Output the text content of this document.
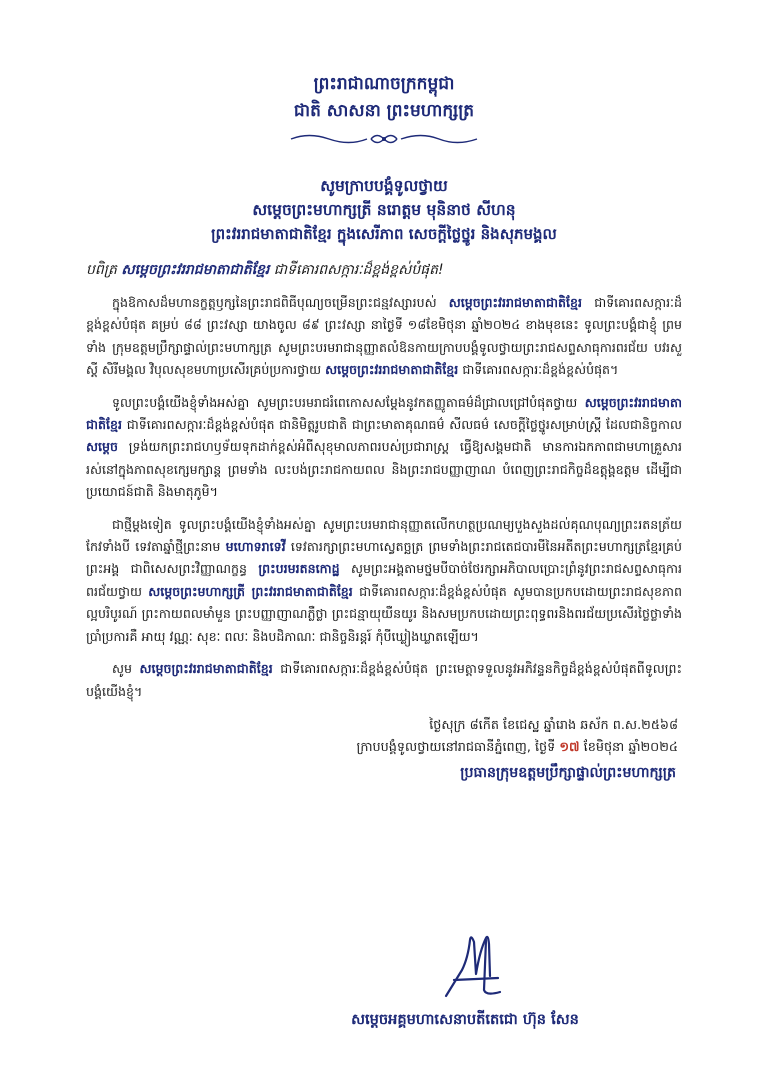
ព្រះរាជាណាចក្រកម្ពុជា
ជាតិ សាសនា ព្រះមហាក្សត្រ
សូមក្រាបបង្គំទូលថ្វាយ
សម្តេចព្រះមហាក្សត្រី នរោត្តម មុនិនាថ សីហនុ
ព្រះវររាជមាតាជាតិខ្មែរ ក្នុងសេរីភាព សេចក្តីថ្លៃថ្នូរ និងសុភមង្គល
បពិត្រ សម្តេចព្រះវររាជមាតាជាតិខ្មែរ ជាទីគោរពសក្ការៈដ៏ខ្ពង់ខ្ពស់បំផុត!

ក្នុងឱកាសដ៏មហានក្ខត្តឫក្សនៃព្រះរាជពិធីបុណ្យចម្រើនព្រះជន្មវស្សារបស់ សម្តេចព្រះវររាជមាតាជាតិខ្មែរ ជាទីគោរពសក្ការៈដ៏ខ្ពង់ខ្ពស់បំផុត គម្រប់ ៨៨ ព្រះវស្សា យាងចូល ៨៩ ព្រះវស្សា នាថ្ងៃទី ១៨ខែមិថុនា ឆ្នាំ២០២៤ ខាងមុខនេះ ទូលព្រះបង្គំជាខ្ញុំ ព្រមទាំង ក្រុមឧត្តមប្រឹក្សាផ្ទាល់ព្រះមហាក្សត្រ សូមព្រះបរមរាជានុញ្ញាតលំឱនកាយក្រាបបង្គំទូលថ្វាយព្រះរាជសព្ទសាធុការពរជ័យ បវរសួស្តី សិរីមង្គល វិបុលសុខមហាប្រសើរគ្រប់ប្រការថ្វាយ សម្តេចព្រះវររាជមាតាជាតិខ្មែរ ជាទីគោរពសក្ការៈដ៏ខ្ពង់ខ្ពស់បំផុត។

ទូលព្រះបង្គំយើងខ្ញុំទាំងអស់គ្នា សូមព្រះបរមរាជរំពេកោសសម្តែងនូវកតញ្ញូតាធម៌ដ៏ជ្រាលជ្រៅបំផុតថ្វាយ សម្តេចព្រះវររាជមាតាជាតិខ្មែរ ជាទីគោរពសក្ការៈដ៏ខ្ពង់ខ្ពស់បំផុត ជានិមិត្តរូបជាតិ ជាព្រះមាតាគុណធម៌ សីលធម៌ សេចក្តីថ្លៃថ្នូរសម្រាប់ស្ត្រី ដែលជានិច្ចកាល សម្តេច ទ្រង់យកព្រះរាជហឫទ័យទុកដាក់ខ្ពស់អំពីសុខុមាលភាពរបស់ប្រជារាស្ត្រ ធ្វើឱ្យសង្គមជាតិ មានការឯកភាពជាមហាគ្រួសារ រស់នៅក្នុងភាពសុខក្សេមក្សាន្ត ព្រមទាំង លះបង់ព្រះរាជកាយពល និងព្រះរាជបញ្ញាញាណ បំពេញព្រះរាជកិច្ចដ៏ឧត្តុង្គឧត្តម ដើម្បីជាប្រយោជន៍ជាតិ និងមាតុភូមិ។

ជាថ្មីម្តងទៀត ទូលព្រះបង្គំយើងខ្ញុំទាំងអស់គ្នា សូមព្រះបរមរាជានុញ្ញាតលើកហត្ថប្រណម្យបួងសួងដល់គុណបុណ្យព្រះរតនត្រ័យ កែវទាំងបី ទេវតាឆ្នាំថ្មីព្រះនាម មហោទរាទេវី ទេវតារក្សាព្រះមហាស្វេតច្ឆត្រ ព្រមទាំងព្រះរាជតេជបារមីនៃអតីតព្រះមហាក្សត្រខ្មែរគ្រប់ព្រះអង្គ ជាពិសេសព្រះវិញ្ញាណក្ខន្ធ ព្រះបរមរតនកោដ្ឋ សូមព្រះអង្គតាមថ្នមបីបាច់ថែរក្សាអភិបាលប្រោះព្រំនូវព្រះរាជសព្ទសាធុការពរជ័យថ្វាយ សម្តេចព្រះមហាក្សត្រី ព្រះវររាជមាតាជាតិខ្មែរ ជាទីគោរពសក្ការៈដ៏ខ្ពង់ខ្ពស់បំផុត សូមបានប្រកបដោយព្រះរាជសុខភាពល្អបរិបូរណ៍ ព្រះកាយពលមាំមួន ព្រះបញ្ញាញាណភ្លឺថ្លា ព្រះជន្មាយុយឺនយូរ និងសមប្រកបដោយព្រះពុទ្ធពរនិងពរជ័យប្រសើរថ្លៃថ្លាទាំងប្រាំប្រការគឺ អាយុ វណ្ណៈ សុខៈ ពលៈ និងបដិភាណៈ ជានិច្ចនិរន្តរ៍ កុំបីឃ្លៀងឃ្លាតឡើយ។

សូម សម្តេចព្រះវររាជមាតាជាតិខ្មែរ ជាទីគោរពសក្ការៈដ៏ខ្ពង់ខ្ពស់បំផុត ព្រះមេត្តាទទួលនូវអភិវន្ទនកិច្ចដ៏ខ្ពង់ខ្ពស់បំផុតពីទូលព្រះបង្គំយើងខ្ញុំ។

ថ្ងៃសុក្រ ៨កើត ខែជេស្ឋ ឆ្នាំរោង ឆស័ក ព.ស.២៥៦៨
ក្រាបបង្គំទូលថ្វាយនៅរាជធានីភ្នំពេញ, ថ្ងៃទី ១៧ ខែមិថុនា ឆ្នាំ២០២៤
ប្រធានក្រុមឧត្តមប្រឹក្សាផ្ទាល់ព្រះមហាក្សត្រ
សម្តេចអគ្គមហាសេនាបតីតេជោ ហ៊ុន សែន
